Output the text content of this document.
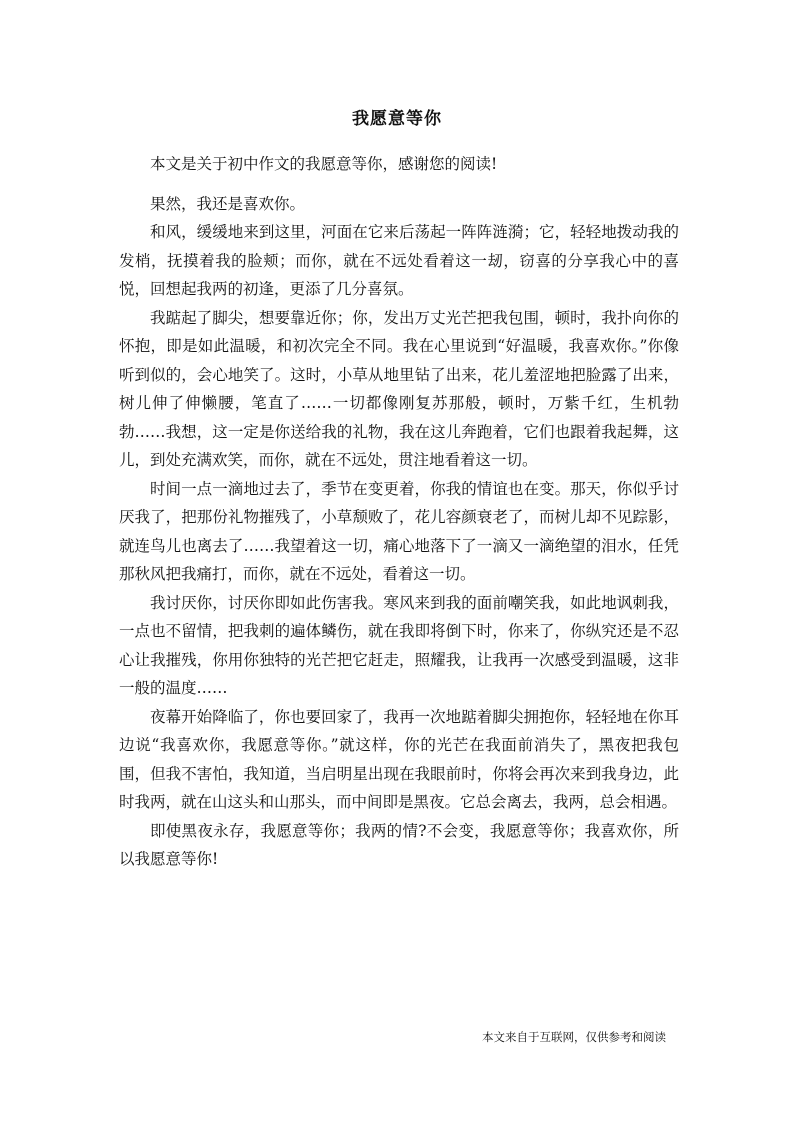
我愿意等你

本文是关于初中作文的我愿意等你，感谢您的阅读!

果然，我还是喜欢你。

和风，缓缓地来到这里，河面在它来后荡起一阵阵涟漪；它，轻轻地拨动我的发梢，抚摸着我的脸颊；而你，就在不远处看着这一刼，窃喜的分享我心中的喜悦，回想起我两的初逢，更添了几分喜氛。

我踮起了脚尖，想要靠近你；你，发出万丈光芒把我包围，顿时，我扑向你的怀抱，即是如此温暖，和初次完全不同。我在心里说到“好温暖，我喜欢你。”你像听到似的，会心地笑了。这时，小草从地里钻了出来，花儿羞涩地把脸露了出来，树儿伸了伸懒腰，笔直了……一切都像刚复苏那般，顿时，万紫千红，生机勃勃……我想，这一定是你送给我的礼物，我在这儿奔跑着，它们也跟着我起舞，这儿，到处充满欢笑，而你，就在不远处，贯注地看着这一切。

时间一点一滴地过去了，季节在变更着，你我的情谊也在变。那天，你似乎讨厌我了，把那份礼物摧残了，小草颓败了，花儿容颜衰老了，而树儿却不见踪影，就连鸟儿也离去了……我望着这一切，痛心地落下了一滴又一滴绝望的泪水，任凭那秋风把我痛打，而你，就在不远处，看着这一切。

我讨厌你，讨厌你即如此伤害我。寒风来到我的面前嘲笑我，如此地讽刺我，一点也不留情，把我刺的遍体鳞伤，就在我即将倒下时，你来了，你纵究还是不忍心让我摧残，你用你独特的光芒把它赶走，照耀我，让我再一次感受到温暖，这非一般的温度……

夜幕开始降临了，你也要回家了，我再一次地踮着脚尖拥抱你，轻轻地在你耳边说“我喜欢你，我愿意等你。”就这样，你的光芒在我面前消失了，黑夜把我包围，但我不害怕，我知道，当启明星出现在我眼前时，你将会再次来到我身边，此时我两，就在山这头和山那头，而中间即是黑夜。它总会离去，我两，总会相遇。

即使黑夜永存，我愿意等你；我两的情?不会变，我愿意等你；我喜欢你，所以我愿意等你!

本文来自于互联网，仅供参考和阅读
